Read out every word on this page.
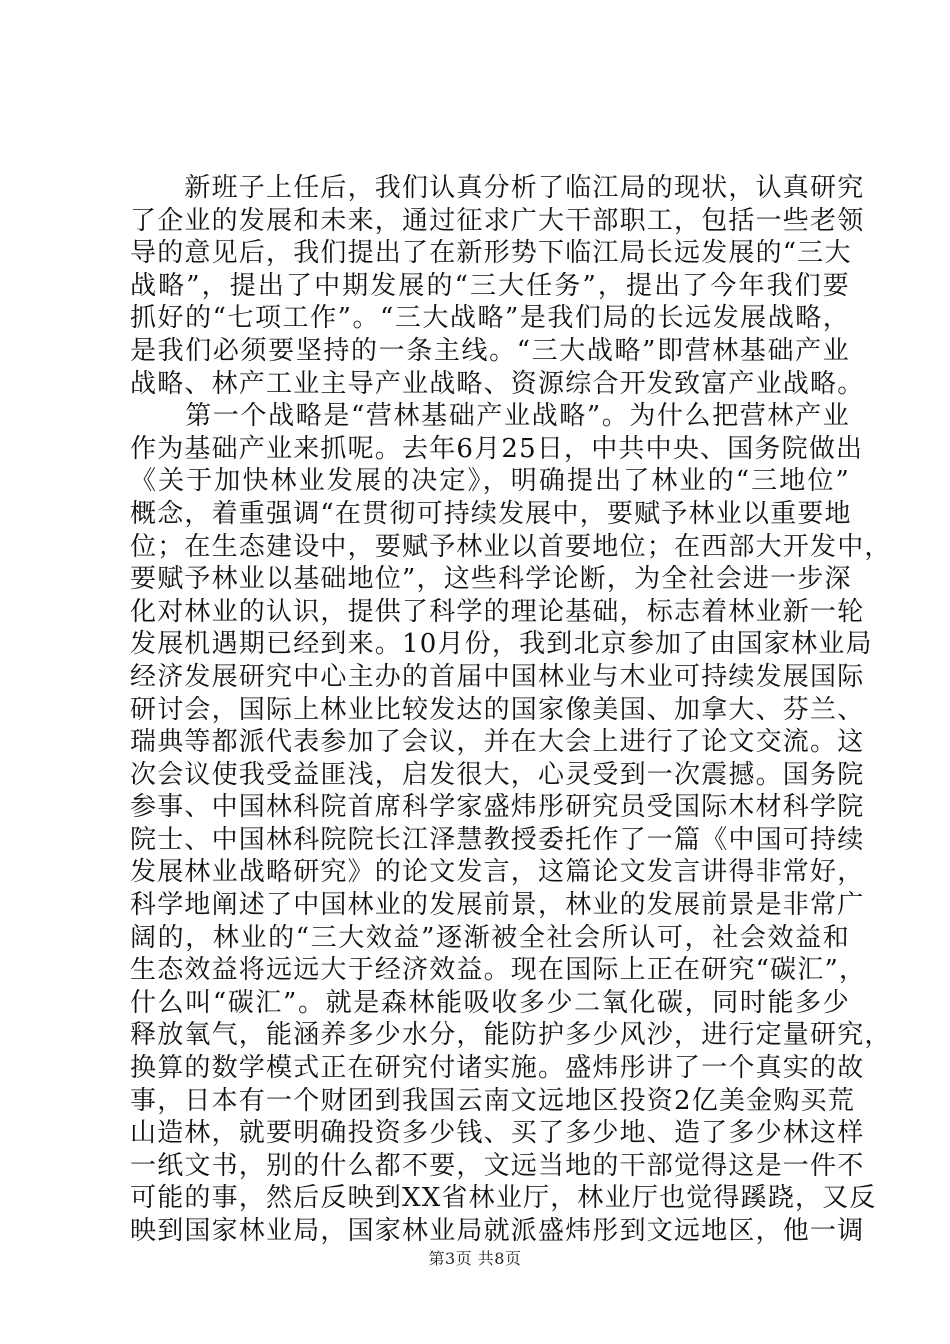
　　新班子上任后，我们认真分析了临江局的现状，认真研究
了企业的发展和未来，通过征求广大干部职工，包括一些老领
导的意见后，我们提出了在新形势下临江局长远发展的“三大
战略”，提出了中期发展的“三大任务”，提出了今年我们要
抓好的“七项工作”。“三大战略”是我们局的长远发展战略，
是我们必须要坚持的一条主线。“三大战略”即营林基础产业
战略、林产工业主导产业战略、资源综合开发致富产业战略。
　　第一个战略是“营林基础产业战略”。为什么把营林产业
作为基础产业来抓呢。去年6月25日，中共中央、国务院做出
《关于加快林业发展的决定》，明确提出了林业的“三地位”
概念，着重强调“在贯彻可持续发展中，要赋予林业以重要地
位；在生态建设中，要赋予林业以首要地位；在西部大开发中，
要赋予林业以基础地位”，这些科学论断，为全社会进一步深
化对林业的认识，提供了科学的理论基础，标志着林业新一轮
发展机遇期已经到来。10月份，我到北京参加了由国家林业局
经济发展研究中心主办的首届中国林业与木业可持续发展国际
研讨会，国际上林业比较发达的国家像美国、加拿大、芬兰、
瑞典等都派代表参加了会议，并在大会上进行了论文交流。这
次会议使我受益匪浅，启发很大，心灵受到一次震撼。国务院
参事、中国林科院首席科学家盛炜彤研究员受国际木材科学院
院士、中国林科院院长江泽慧教授委托作了一篇《中国可持续
发展林业战略研究》的论文发言，这篇论文发言讲得非常好，
科学地阐述了中国林业的发展前景，林业的发展前景是非常广
阔的，林业的“三大效益”逐渐被全社会所认可，社会效益和
生态效益将远远大于经济效益。现在国际上正在研究“碳汇”，
什么叫“碳汇”。就是森林能吸收多少二氧化碳，同时能多少
释放氧气，能涵养多少水分，能防护多少风沙，进行定量研究，
换算的数学模式正在研究付诸实施。盛炜彤讲了一个真实的故
事，日本有一个财团到我国云南文远地区投资2亿美金购买荒
山造林，就要明确投资多少钱、买了多少地、造了多少林这样
一纸文书，别的什么都不要，文远当地的干部觉得这是一件不
可能的事，然后反映到XX省林业厅，林业厅也觉得蹊跷，又反
映到国家林业局，国家林业局就派盛炜彤到文远地区，他一调
第3页 共8页
